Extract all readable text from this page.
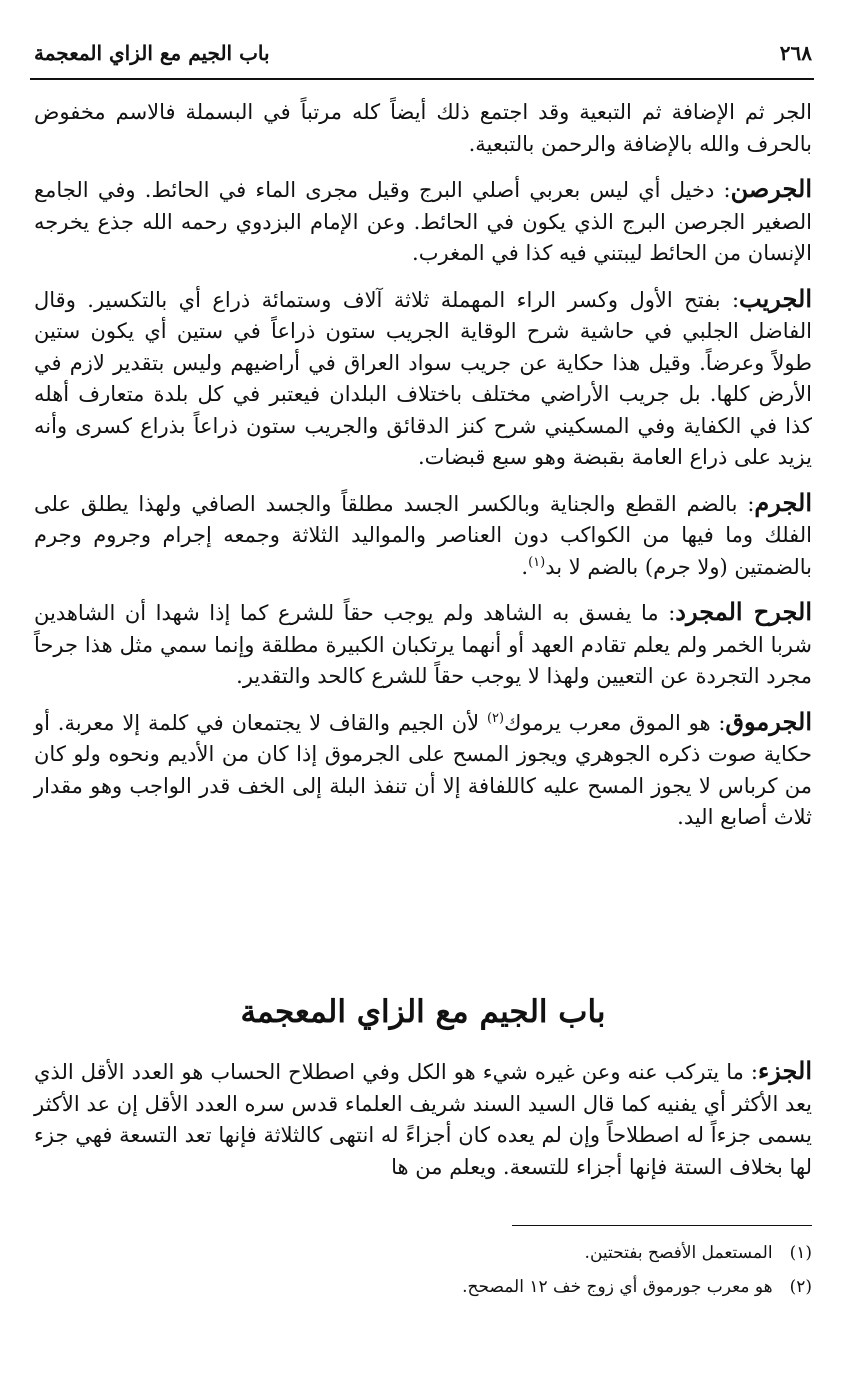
٢٦٨
باب الجيم مع الزاي المعجمة

الجر ثم الإضافة ثم التبعية وقد اجتمع ذلك أيضاً كله مرتباً في البسملة فالاسم مخفوض بالحرف والله بالإضافة والرحمن بالتبعية.

الجرصن: دخيل أي ليس بعربي أصلي البرج وقيل مجرى الماء في الحائط. وفي الجامع الصغير الجرصن البرج الذي يكون في الحائط. وعن الإمام البزدوي رحمه الله جذع يخرجه الإنسان من الحائط ليبتني فيه كذا في المغرب.

الجريب: بفتح الأول وكسر الراء المهملة ثلاثة آلاف وستمائة ذراع أي بالتكسير. وقال الفاضل الجلبي في حاشية شرح الوقاية الجريب ستون ذراعاً في ستين أي يكون ستين طولاً وعرضاً. وقيل هذا حكاية عن جريب سواد العراق في أراضيهم وليس بتقدير لازم في الأرض كلها. بل جريب الأراضي مختلف باختلاف البلدان فيعتبر في كل بلدة متعارف أهله كذا في الكفاية وفي المسكيني شرح كنز الدقائق والجريب ستون ذراعاً بذراع كسرى وأنه يزيد على ذراع العامة بقبضة وهو سبع قبضات.

الجرم: بالضم القطع والجناية وبالكسر الجسد مطلقاً والجسد الصافي ولهذا يطلق على الفلك وما فيها من الكواكب دون العناصر والمواليد الثلاثة وجمعه إجرام وجروم وجرم بالضمتين (ولا جرم) بالضم لا بد$^{(١)}$.

الجرح المجرد: ما يفسق به الشاهد ولم يوجب حقاً للشرع كما إذا شهدا أن الشاهدين شربا الخمر ولم يعلم تقادم العهد أو أنهما يرتكبان الكبيرة مطلقة وإنما سمي مثل هذا جرحاً مجرد التجردة عن التعيين ولهذا لا يوجب حقاً للشرع كالحد والتقدير.

الجرموق: هو الموق معرب يرموك$^{(٢)}$ لأن الجيم والقاف لا يجتمعان في كلمة إلا معربة. أو حكاية صوت ذكره الجوهري ويجوز المسح على الجرموق إذا كان من الأديم ونحوه ولو كان من كرباس لا يجوز المسح عليه كاللفافة إلا أن تنفذ البلة إلى الخف قدر الواجب وهو مقدار ثلاث أصابع اليد.

باب الجيم مع الزاي المعجمة

الجزء: ما يتركب عنه وعن غيره شيء هو الكل وفي اصطلاح الحساب هو العدد الأقل الذي يعد الأكثر أي يفنيه كما قال السيد السند شريف العلماء قدس سره العدد الأقل إن عد الأكثر يسمى جزءاً له اصطلاحاً وإن لم يعده كان أجزاءً له انتهى كالثلاثة فإنها تعد التسعة فهي جزء لها بخلاف الستة فإنها أجزاء للتسعة. ويعلم من ها

(١) المستعمل الأفصح بفتحتين.
(٢) هو معرب جورموق أي زوج خف ١٢ المصحح.
